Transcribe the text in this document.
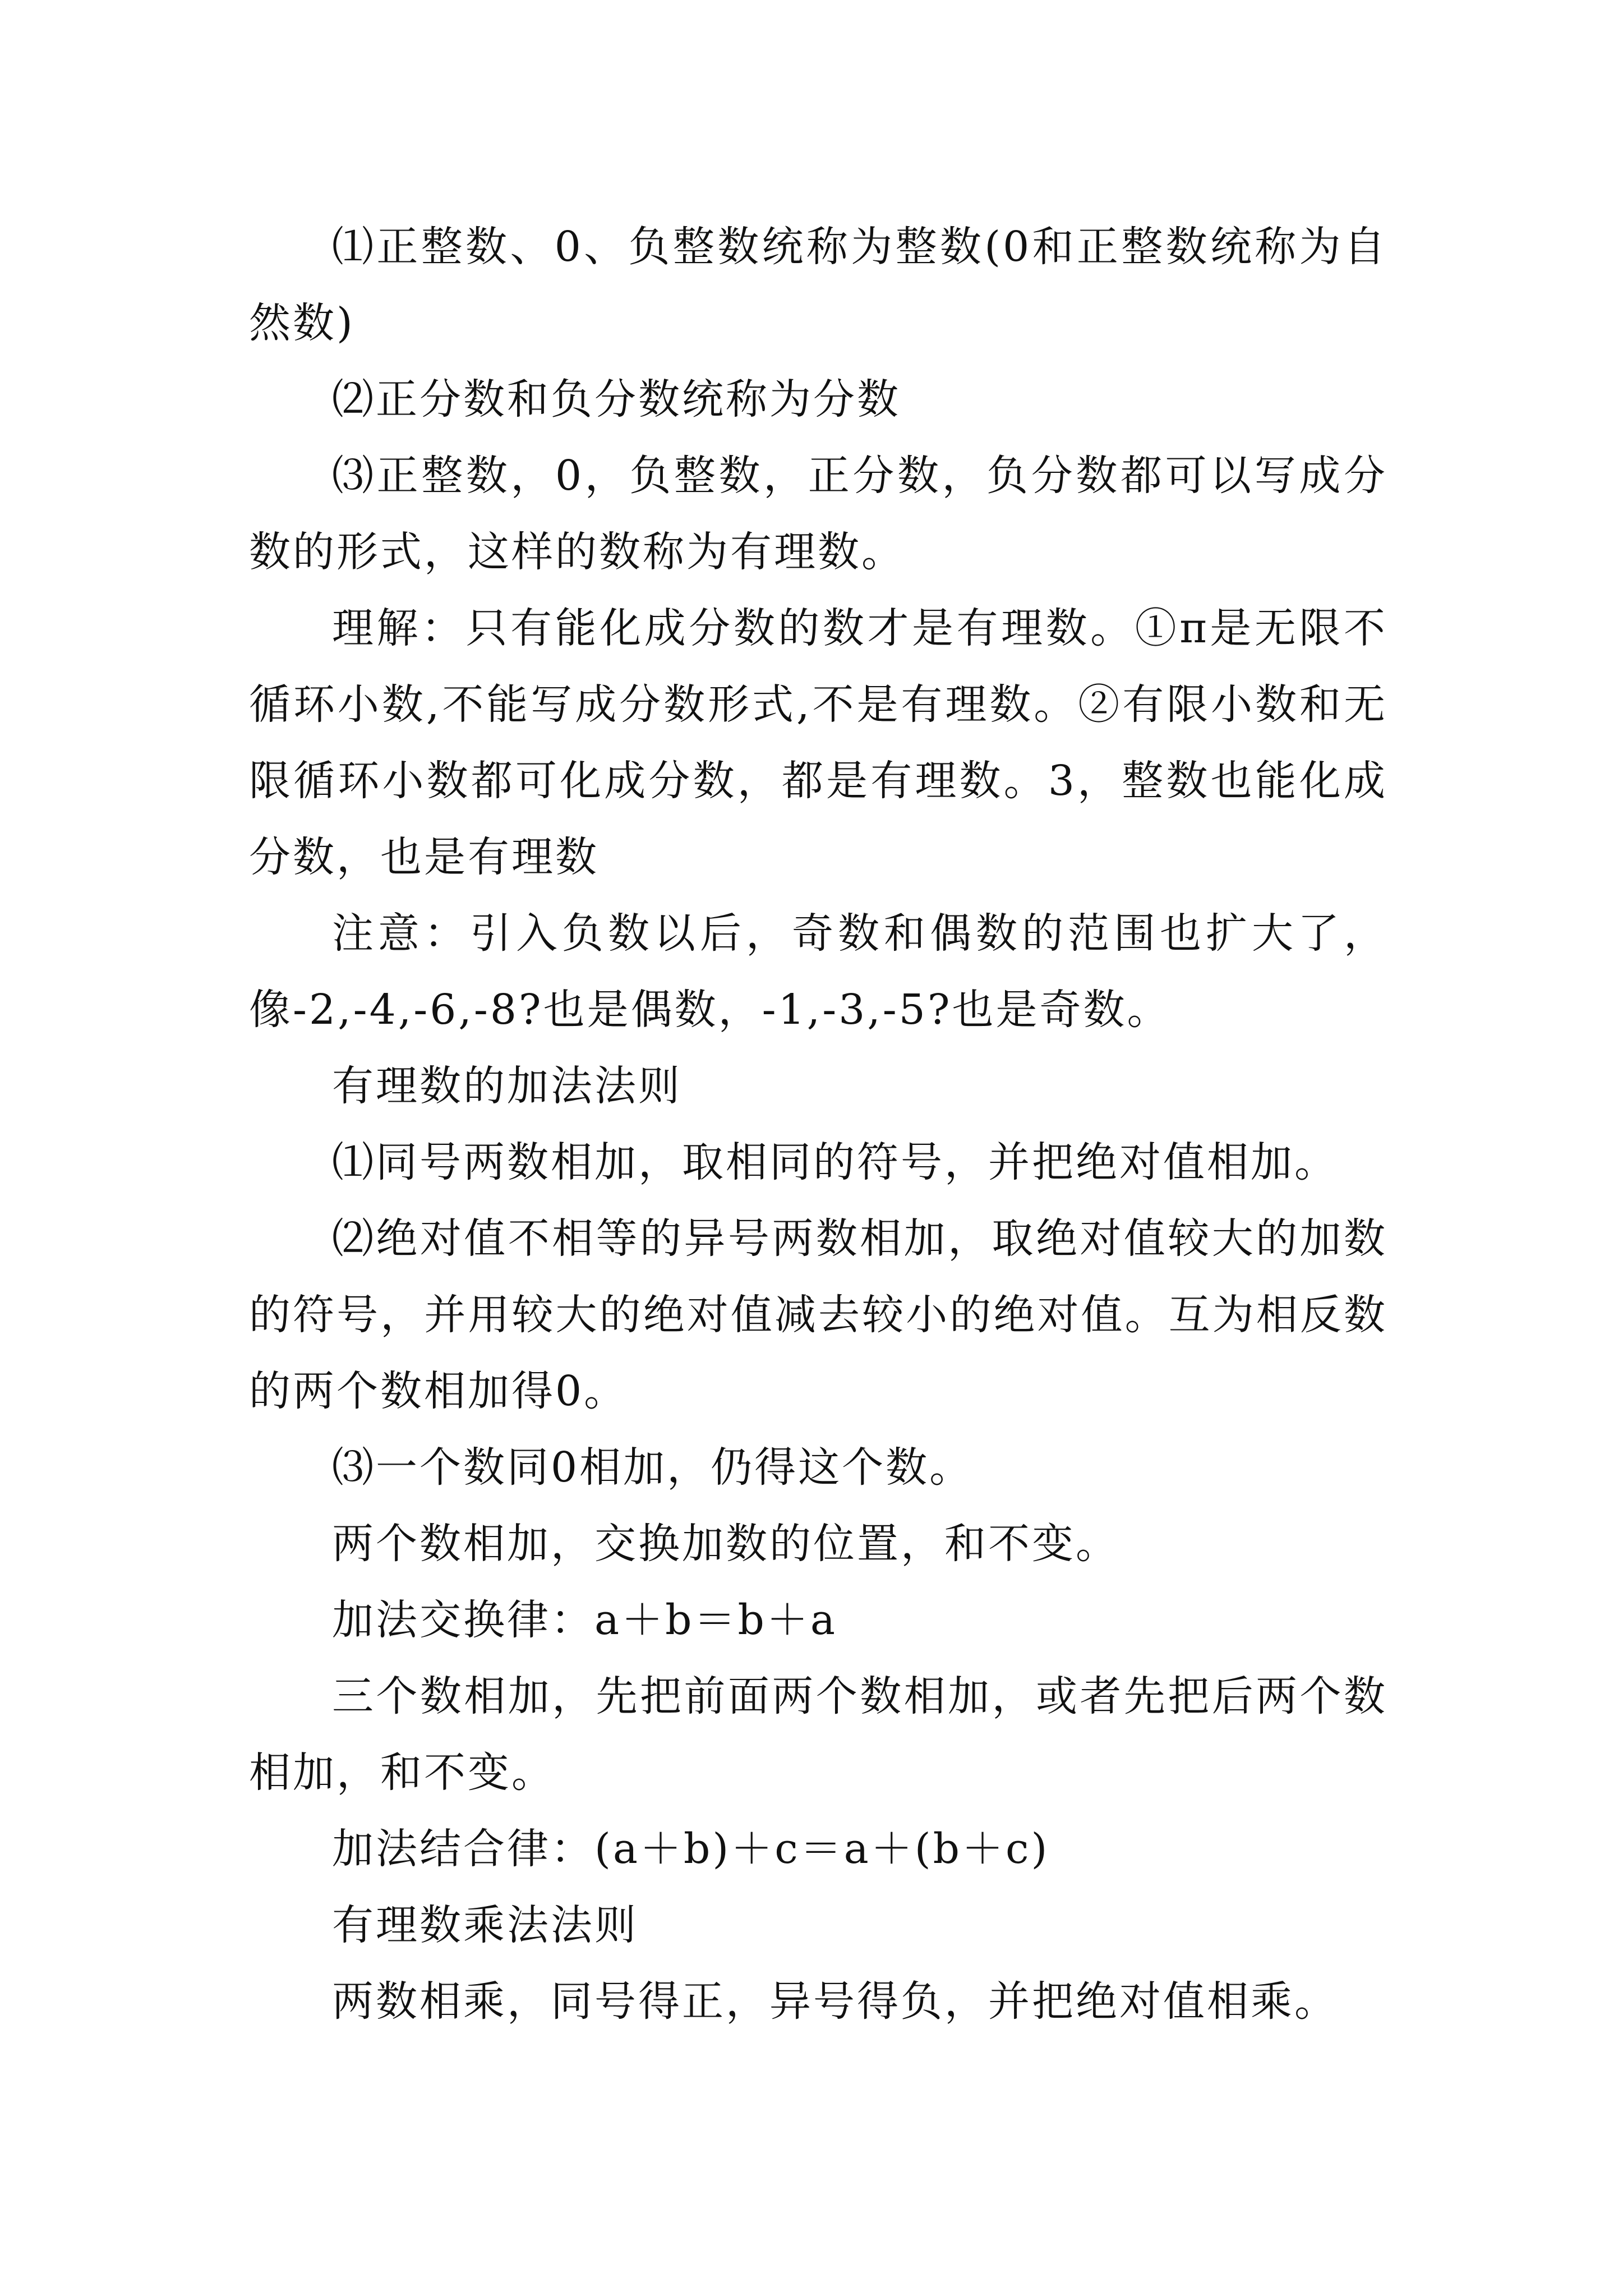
⑴正整数、0、负整数统称为整数(0和正整数统称为自然数)

⑵正分数和负分数统称为分数

⑶正整数，0，负整数，正分数，负分数都可以写成分数的形式，这样的数称为有理数。

理解：只有能化成分数的数才是有理数。①π是无限不循环小数,不能写成分数形式,不是有理数。②有限小数和无限循环小数都可化成分数，都是有理数。3，整数也能化成分数，也是有理数

注意：引入负数以后，奇数和偶数的范围也扩大了，像-2,-4,-6,-8?也是偶数，-1,-3,-5?也是奇数。

有理数的加法法则

⑴同号两数相加，取相同的符号，并把绝对值相加。

⑵绝对值不相等的异号两数相加，取绝对值较大的加数的符号，并用较大的绝对值减去较小的绝对值。互为相反数的两个数相加得0。

⑶一个数同0相加，仍得这个数。

两个数相加，交换加数的位置，和不变。

加法交换律：a＋b＝b＋a

三个数相加，先把前面两个数相加，或者先把后两个数相加，和不变。

加法结合律：(a＋b)＋c＝a＋(b＋c)

有理数乘法法则

两数相乘，同号得正，异号得负，并把绝对值相乘。
